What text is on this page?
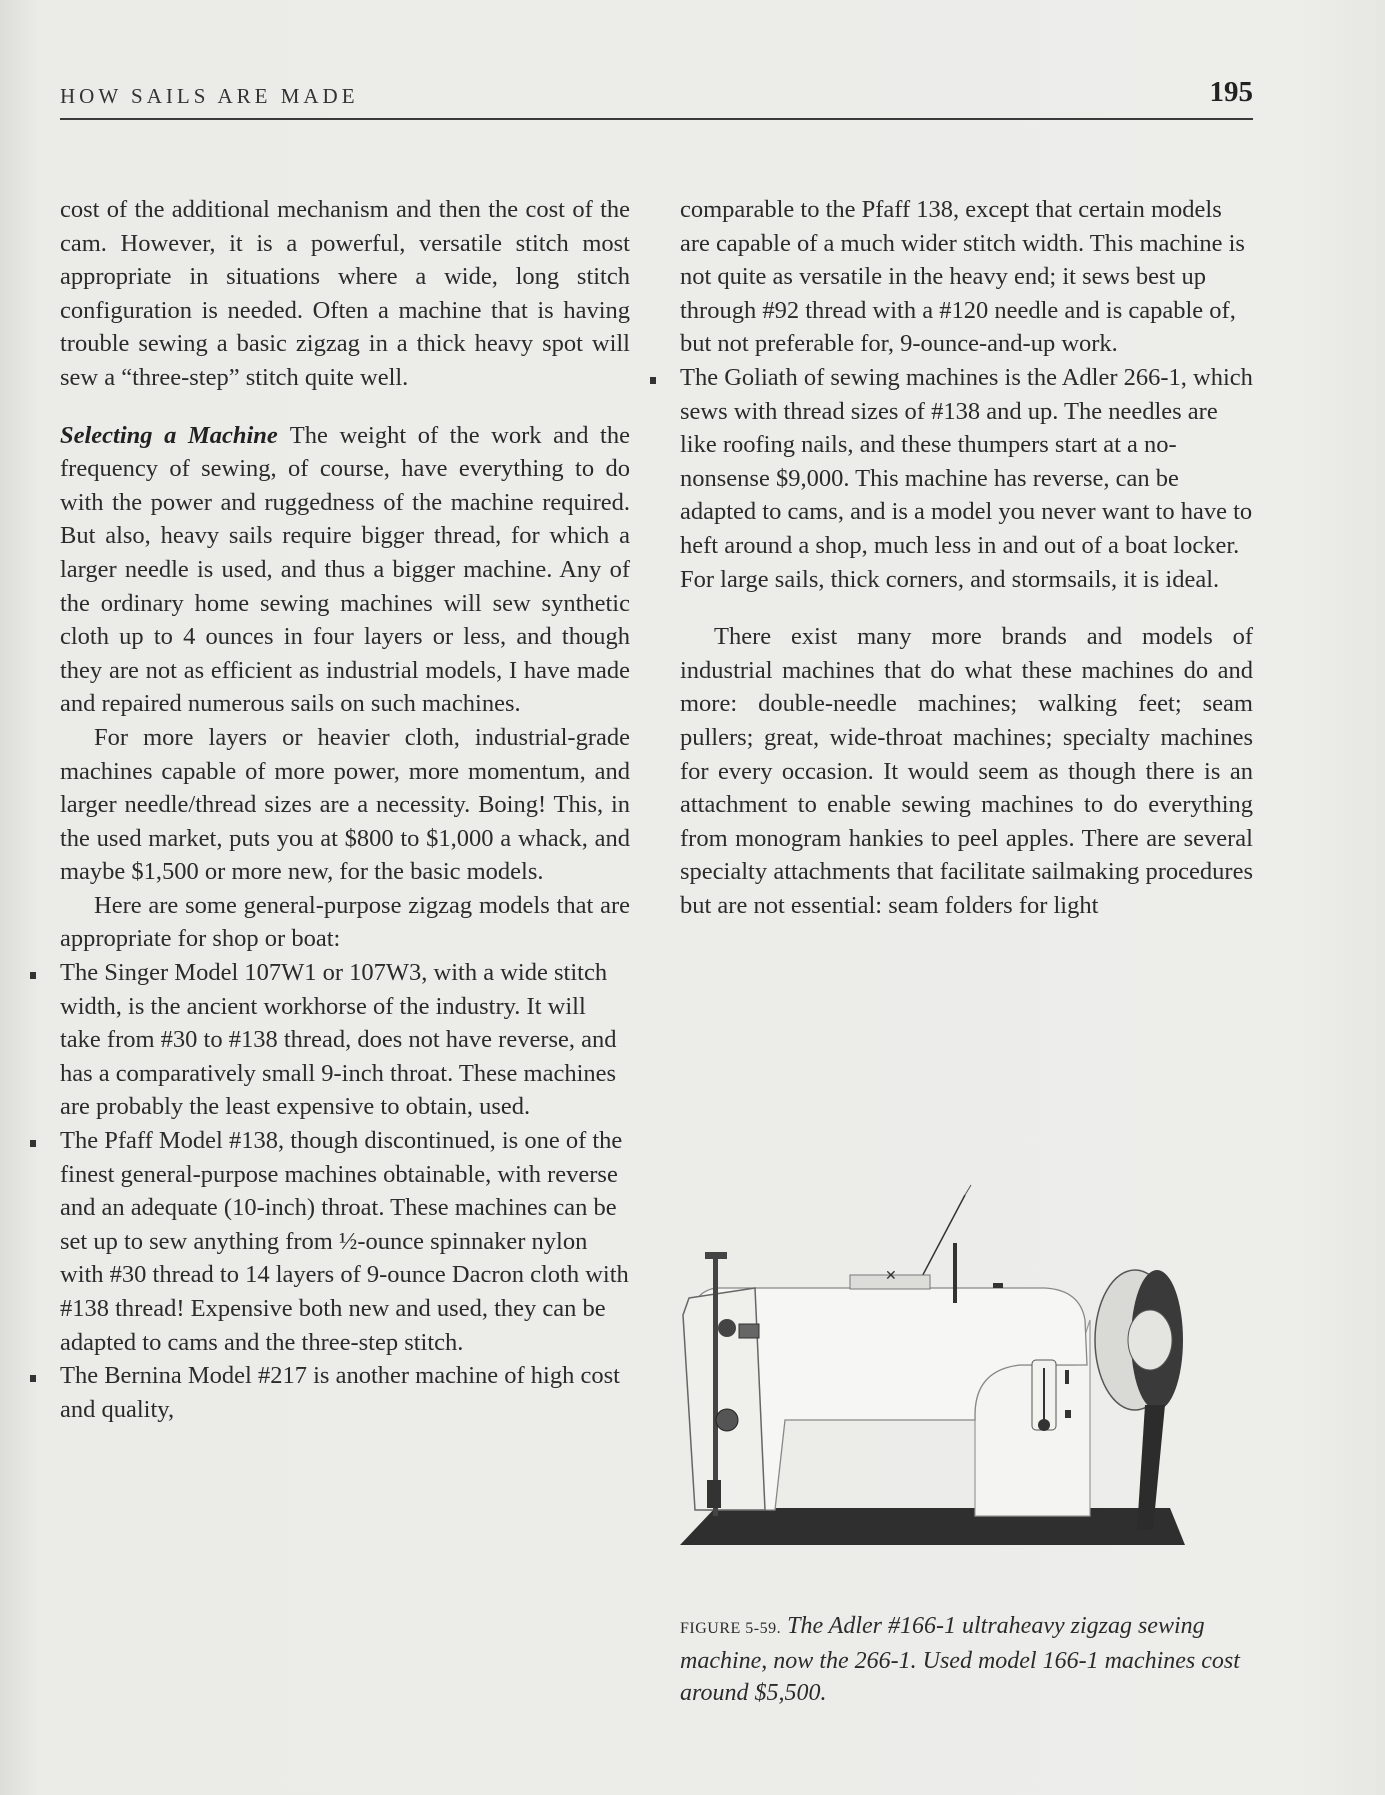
HOW SAILS ARE MADE	195

cost of the additional mechanism and then the cost of the cam. However, it is a powerful, versatile stitch most appropriate in situations where a wide, long stitch configuration is needed. Often a machine that is having trouble sewing a basic zigzag in a thick heavy spot will sew a “three-step” stitch quite well.

Selecting a Machine The weight of the work and the frequency of sewing, of course, have everything to do with the power and ruggedness of the machine required. But also, heavy sails require bigger thread, for which a larger needle is used, and thus a bigger machine. Any of the ordinary home sewing machines will sew synthetic cloth up to 4 ounces in four layers or less, and though they are not as efficient as industrial models, I have made and repaired numerous sails on such machines.

For more layers or heavier cloth, industrial-grade machines capable of more power, more momentum, and larger needle/thread sizes are a necessity. Boing! This, in the used market, puts you at $800 to $1,000 a whack, and maybe $1,500 or more new, for the basic models.

Here are some general-purpose zigzag models that are appropriate for shop or boat:

The Singer Model 107W1 or 107W3, with a wide stitch width, is the ancient workhorse of the industry. It will take from #30 to #138 thread, does not have reverse, and has a comparatively small 9-inch throat. These machines are probably the least expensive to obtain, used.
The Pfaff Model #138, though discontinued, is one of the finest general-purpose machines obtainable, with reverse and an adequate (10-inch) throat. These machines can be set up to sew anything from ½-ounce spinnaker nylon with #30 thread to 14 layers of 9-ounce Dacron cloth with #138 thread! Expensive both new and used, they can be adapted to cams and the three-step stitch.
The Bernina Model #217 is another machine of high cost and quality,
comparable to the Pfaff 138, except that certain models are capable of a much wider stitch width. This machine is not quite as versatile in the heavy end; it sews best up through #92 thread with a #120 needle and is capable of, but not preferable for, 9-ounce-and-up work.
The Goliath of sewing machines is the Adler 266-1, which sews with thread sizes of #138 and up. The needles are like roofing nails, and these thumpers start at a no-nonsense $9,000. This machine has reverse, can be adapted to cams, and is a model you never want to have to heft around a shop, much less in and out of a boat locker. For large sails, thick corners, and stormsails, it is ideal.

There exist many more brands and models of industrial machines that do what these machines do and more: double-needle machines; walking feet; seam pullers; great, wide-throat machines; specialty machines for every occasion. It would seem as though there is an attachment to enable sewing machines to do everything from monogram hankies to peel apples. There are several specialty attachments that facilitate sailmaking procedures but are not essential: seam folders for light

✕
FIGURE 5-59. The Adler #166-1 ultraheavy zigzag sewing machine, now the 266-1. Used model 166-1 machines cost around $5,500.
